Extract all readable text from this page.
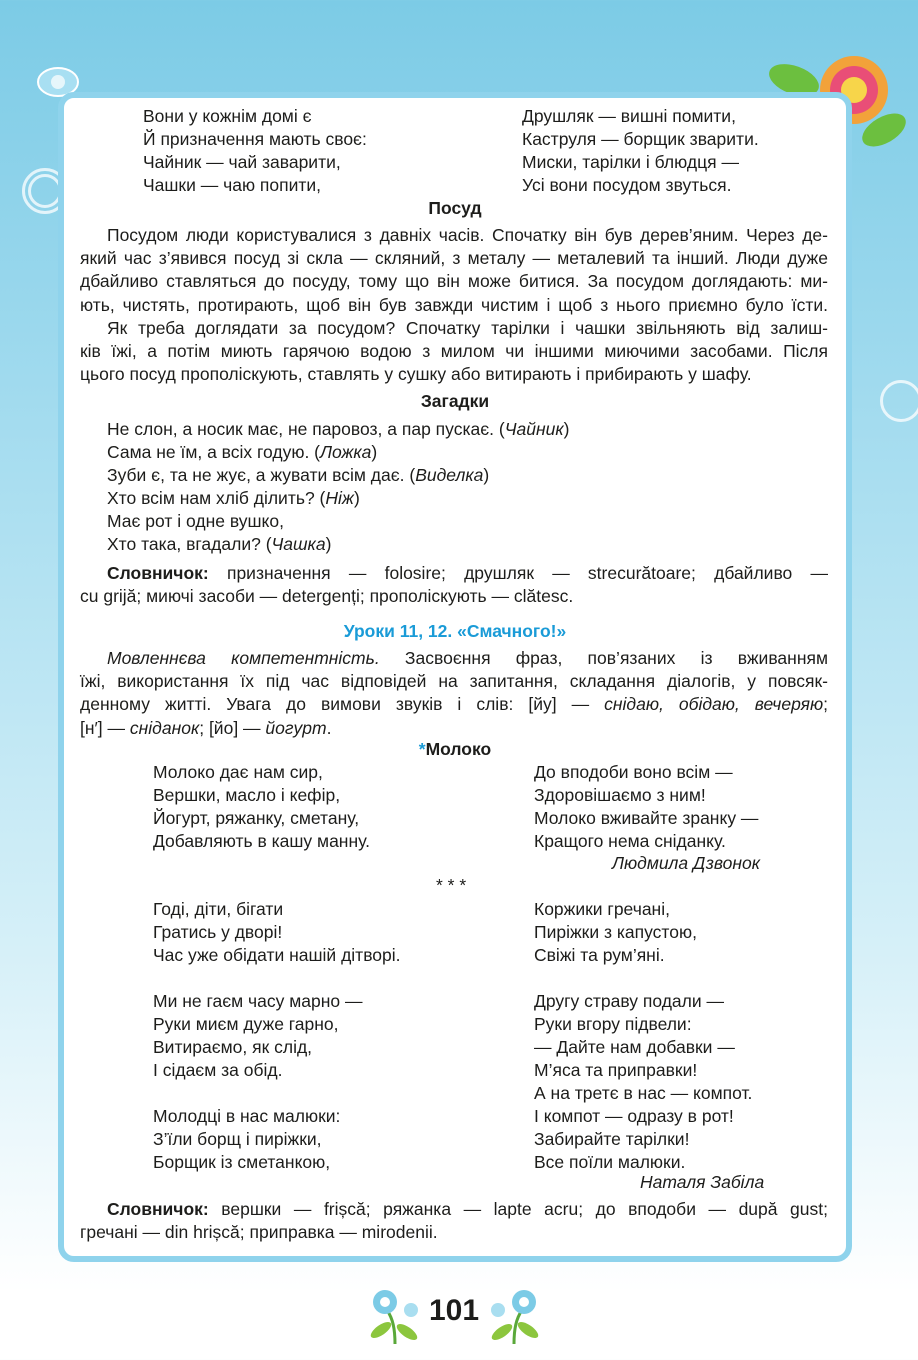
Вони у кожнім домі є
Й призначення мають своє:
Чайник — чай заварити,
Чашки — чаю попити,
Друшляк — вишні помити,
Каструля — борщик зварити.
Миски, тарілки і блюдця —
Усі вони посудом звуться.
Посуд
Посудом люди користувалися з давніх часів. Спочатку він був дерев’яним. Через де-
який час з’явився посуд зі скла — скляний, з металу — металевий та інший. Люди дуже
дбайливо ставляться до посуду, тому що він може битися. За посудом доглядають: ми-
ють, чистять, протирають, щоб він був завжди чистим і щоб з нього приємно було їсти.
Як треба доглядати за посудом? Спочатку тарілки і чашки звільняють від залиш-
ків їжі, а потім миють гарячою водою з милом чи іншими миючими засобами. Після
цього посуд прополіскують, ставлять у сушку або витирають і прибирають у шафу.
Загадки
Не слон, а носик має, не паровоз, а пар пускає. (Чайник)
Сама не їм, а всіх годую. (Ложка)
Зуби є, та не жує, а жувати всім дає. (Виделка)
Хто всім нам хліб ділить? (Ніж)
Має рот і одне вушко,
Хто така, вгадали? (Чашка)
Словничок: призначення — folosire; друшляк — strecurătoare; дбайливо —
cu grijă; миючі засоби — detergenți; прополіскують — clătesc.
Уроки 11, 12. «Смачного!»
Мовленнєва компетентність. Засвоєння фраз, пов’язаних із вживанням
їжі, використання їх під час відповідей на запитання, складання діалогів, у повсяк-
денному житті. Увага до вимови звуків і слів: [йу] — снідаю, обідаю, вечеряю;
[н′] — сніданок; [йо] — йогурт.
*Молоко
Молоко дає нам сир,
Вершки, масло і кефір,
Йогурт, ряжанку, сметану,
Добавляють в кашу манну.
До вподоби воно всім —
Здоровішаємо з ним!
Молоко вживайте зранку —
Кращого нема сніданку.
Людмила Дзвонок
* * *
Годі, діти, бігати
Гратись у дворі!
Час уже обідати нашій дітворі.

Ми не гаєм часу марно —
Руки миєм дуже гарно,
Витираємо, як слід,
І сідаєм за обід.

Молодці в нас малюки:
З’їли борщ і пиріжки,
Борщик із сметанкою,
Коржики гречані,
Пиріжки з капустою,
Свіжі та рум’яні.

Другу страву подали —
Руки вгору підвели:
— Дайте нам добавки —
М’яса та приправки!
А на третє в нас — компот.
І компот — одразу в рот!
Забирайте тарілки!
Все поїли малюки.
Наталя Забіла
Словничок: вершки — frișcă; ряжанка — lapte acru; до вподоби — după gust;
гречані — din hrișcă; приправка — mirodenii.
101
